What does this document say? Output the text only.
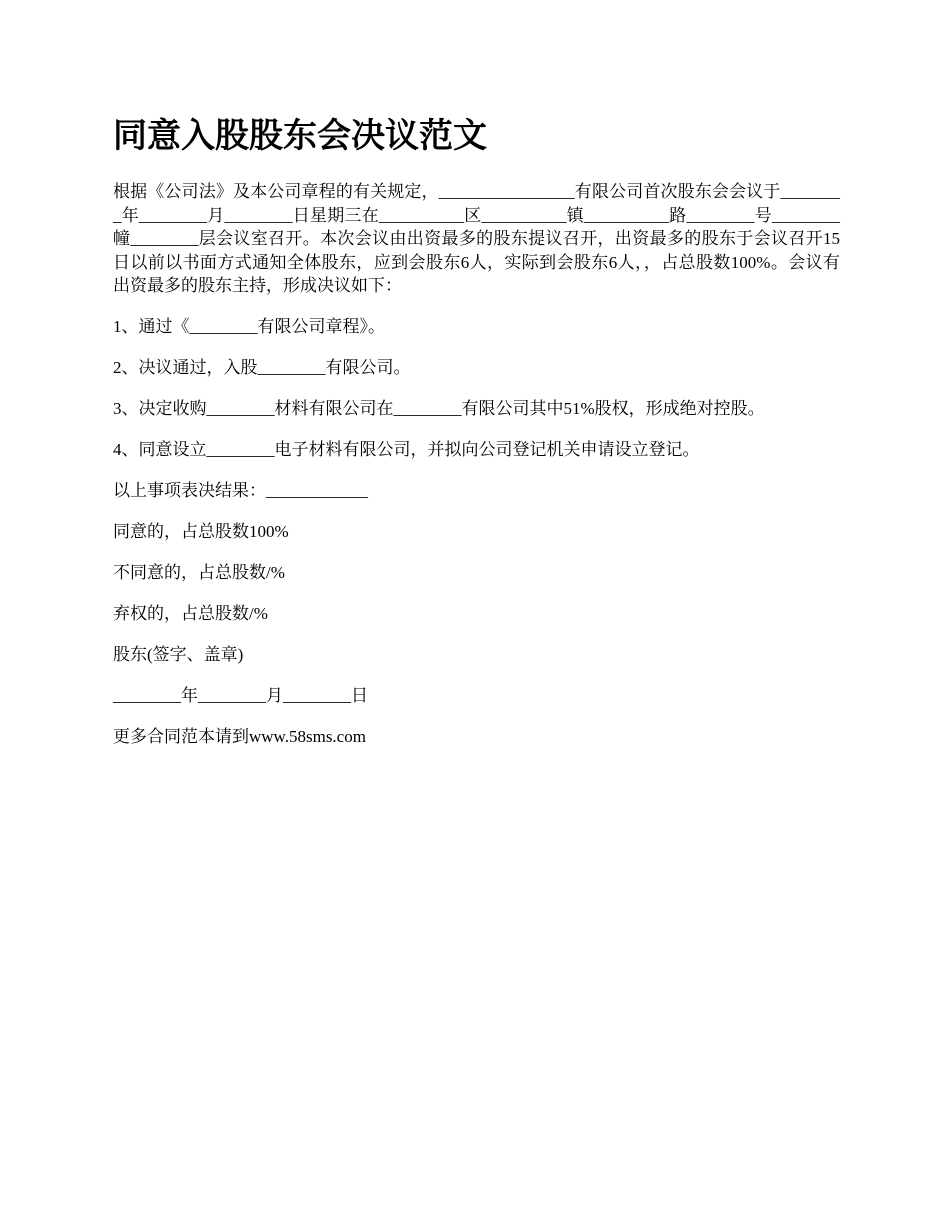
同意入股股东会决议范文

根据《公司法》及本公司章程的有关规定，________________有限公司首次股东会会议于________年________月________日星期三在__________区__________镇__________路________号________幢________层会议室召开。本次会议由出资最多的股东提议召开，出资最多的股东于会议召开15日以前以书面方式通知全体股东，应到会股东6人，实际到会股东6人，，占总股数100%。会议有出资最多的股东主持，形成决议如下：

1、通过《________有限公司章程》。

2、决议通过，入股________有限公司。

3、决定收购________材料有限公司在________有限公司其中51%股权，形成绝对控股。

4、同意设立________电子材料有限公司，并拟向公司登记机关申请设立登记。

以上事项表决结果：____________

同意的，占总股数100%

不同意的，占总股数/%

弃权的，占总股数/%

股东(签字、盖章)

________年________月________日

更多合同范本请到www.58sms.com
